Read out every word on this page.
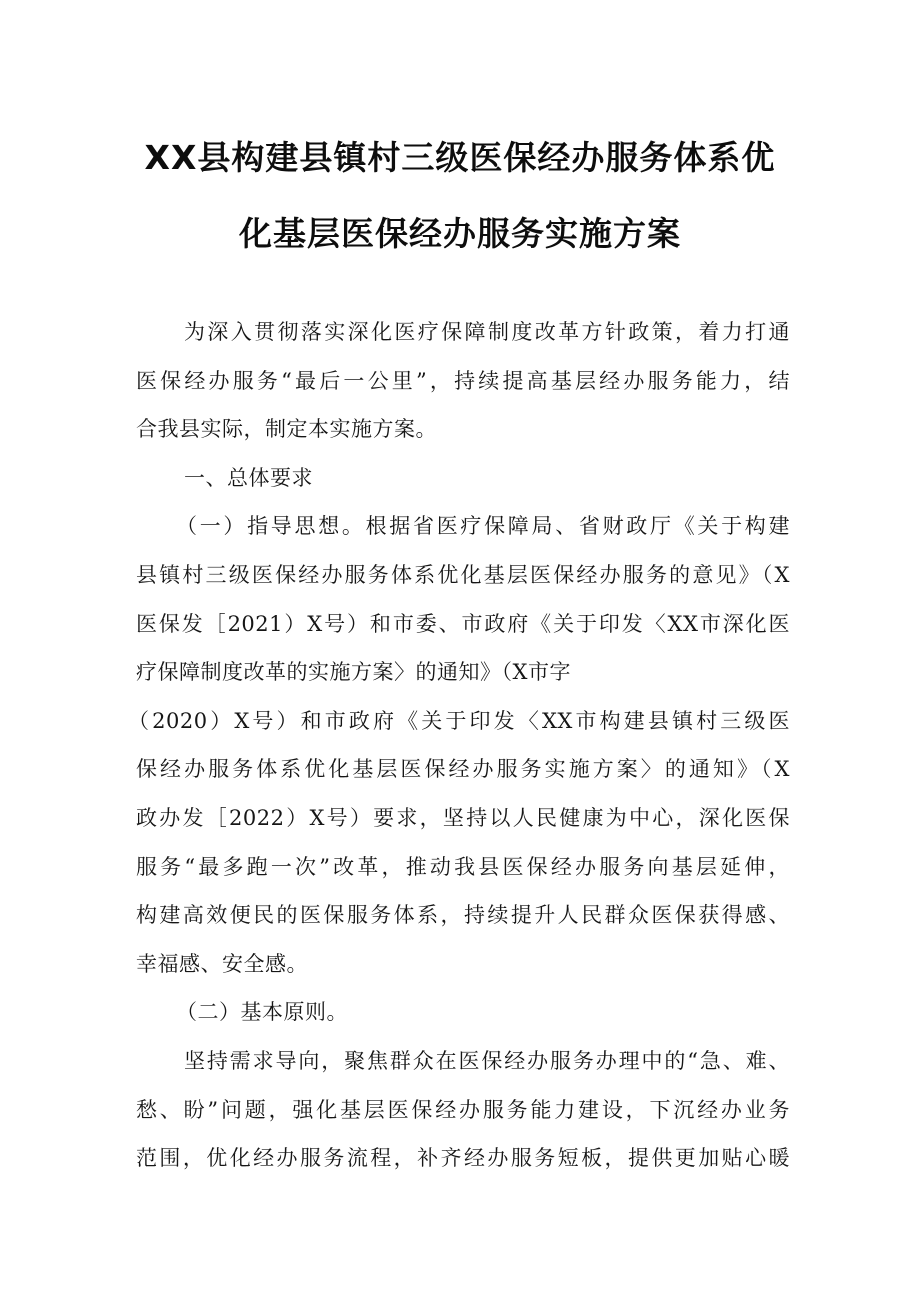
XX县构建县镇村三级医保经办服务体系优
化基层医保经办服务实施方案
为深入贯彻落实深化医疗保障制度改革方针政策，着力打通
医保经办服务“最后一公里”，持续提高基层经办服务能力，结
合我县实际，制定本实施方案。
一、总体要求
（一）指导思想。根据省医疗保障局、省财政厅《关于构建
县镇村三级医保经办服务体系优化基层医保经办服务的意见》（X
医保发［2021）X号）和市委、市政府《关于印发〈XX市深化医
疗保障制度改革的实施方案〉的通知》（X市字
（2020）X号）和市政府《关于印发〈XX市构建县镇村三级医
保经办服务体系优化基层医保经办服务实施方案〉的通知》（X
政办发［2022）X号）要求，坚持以人民健康为中心，深化医保
服务“最多跑一次”改革，推动我县医保经办服务向基层延伸，
构建高效便民的医保服务体系，持续提升人民群众医保获得感、
幸福感、安全感。
（二）基本原则。
坚持需求导向，聚焦群众在医保经办服务办理中的“急、难、
愁、盼”问题，强化基层医保经办服务能力建设，下沉经办业务
范围，优化经办服务流程，补齐经办服务短板，提供更加贴心暖
